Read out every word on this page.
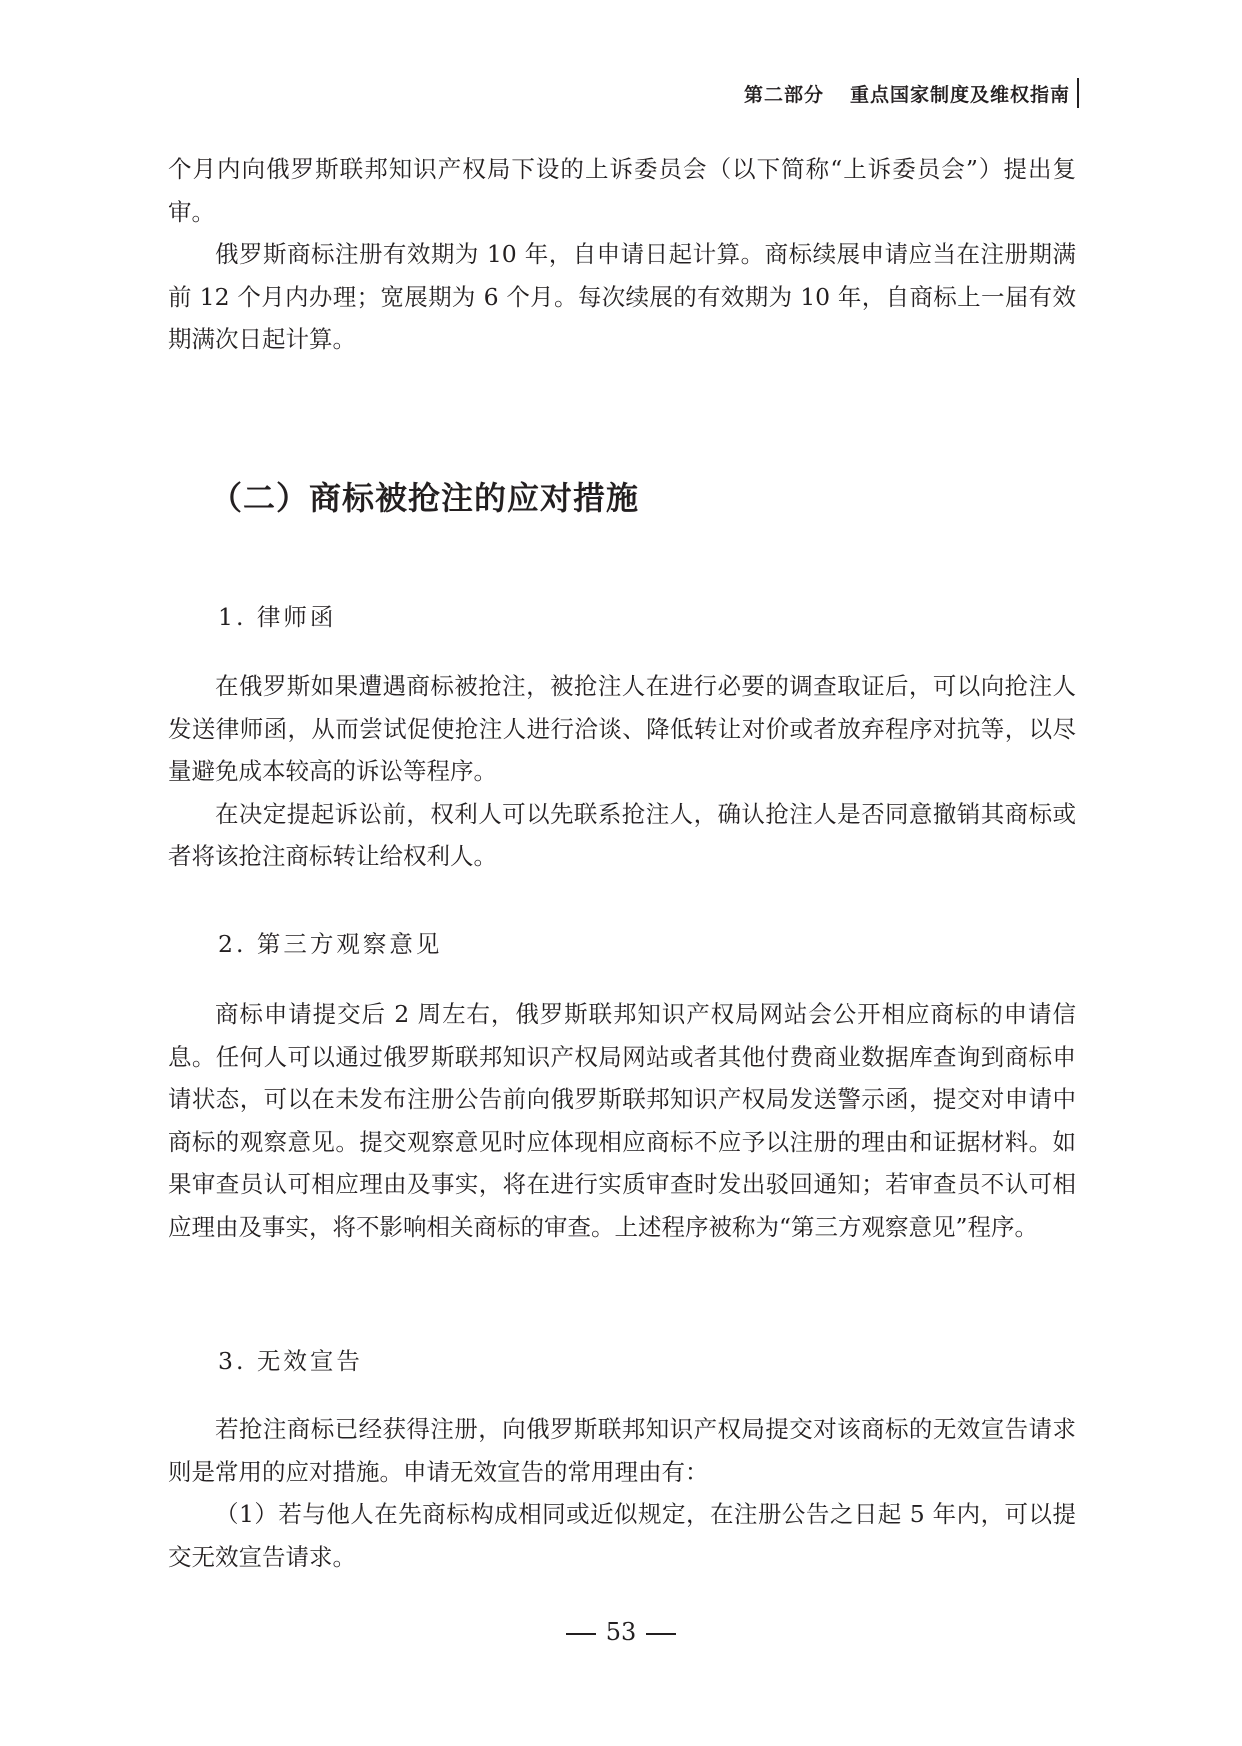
第二部分 重点国家制度及维权指南

个月内向俄罗斯联邦知识产权局下设的上诉委员会（以下简称“上诉委员会”）提出复审。

俄罗斯商标注册有效期为 10 年，自申请日起计算。商标续展申请应当在注册期满前 12 个月内办理；宽展期为 6 个月。每次续展的有效期为 10 年，自商标上一届有效期满次日起计算。

（二）商标被抢注的应对措施
1. 律师函

在俄罗斯如果遭遇商标被抢注，被抢注人在进行必要的调查取证后，可以向抢注人发送律师函，从而尝试促使抢注人进行洽谈、降低转让对价或者放弃程序对抗等，以尽量避免成本较高的诉讼等程序。

在决定提起诉讼前，权利人可以先联系抢注人，确认抢注人是否同意撤销其商标或者将该抢注商标转让给权利人。

2. 第三方观察意见

商标申请提交后 2 周左右，俄罗斯联邦知识产权局网站会公开相应商标的申请信息。任何人可以通过俄罗斯联邦知识产权局网站或者其他付费商业数据库查询到商标申请状态，可以在未发布注册公告前向俄罗斯联邦知识产权局发送警示函，提交对申请中商标的观察意见。提交观察意见时应体现相应商标不应予以注册的理由和证据材料。如果审查员认可相应理由及事实，将在进行实质审查时发出驳回通知；若审查员不认可相应理由及事实，将不影响相关商标的审查。上述程序被称为“第三方观察意见”程序。

3. 无效宣告

若抢注商标已经获得注册，向俄罗斯联邦知识产权局提交对该商标的无效宣告请求则是常用的应对措施。申请无效宣告的常用理由有：

（1）若与他人在先商标构成相同或近似规定，在注册公告之日起 5 年内，可以提交无效宣告请求。

53
